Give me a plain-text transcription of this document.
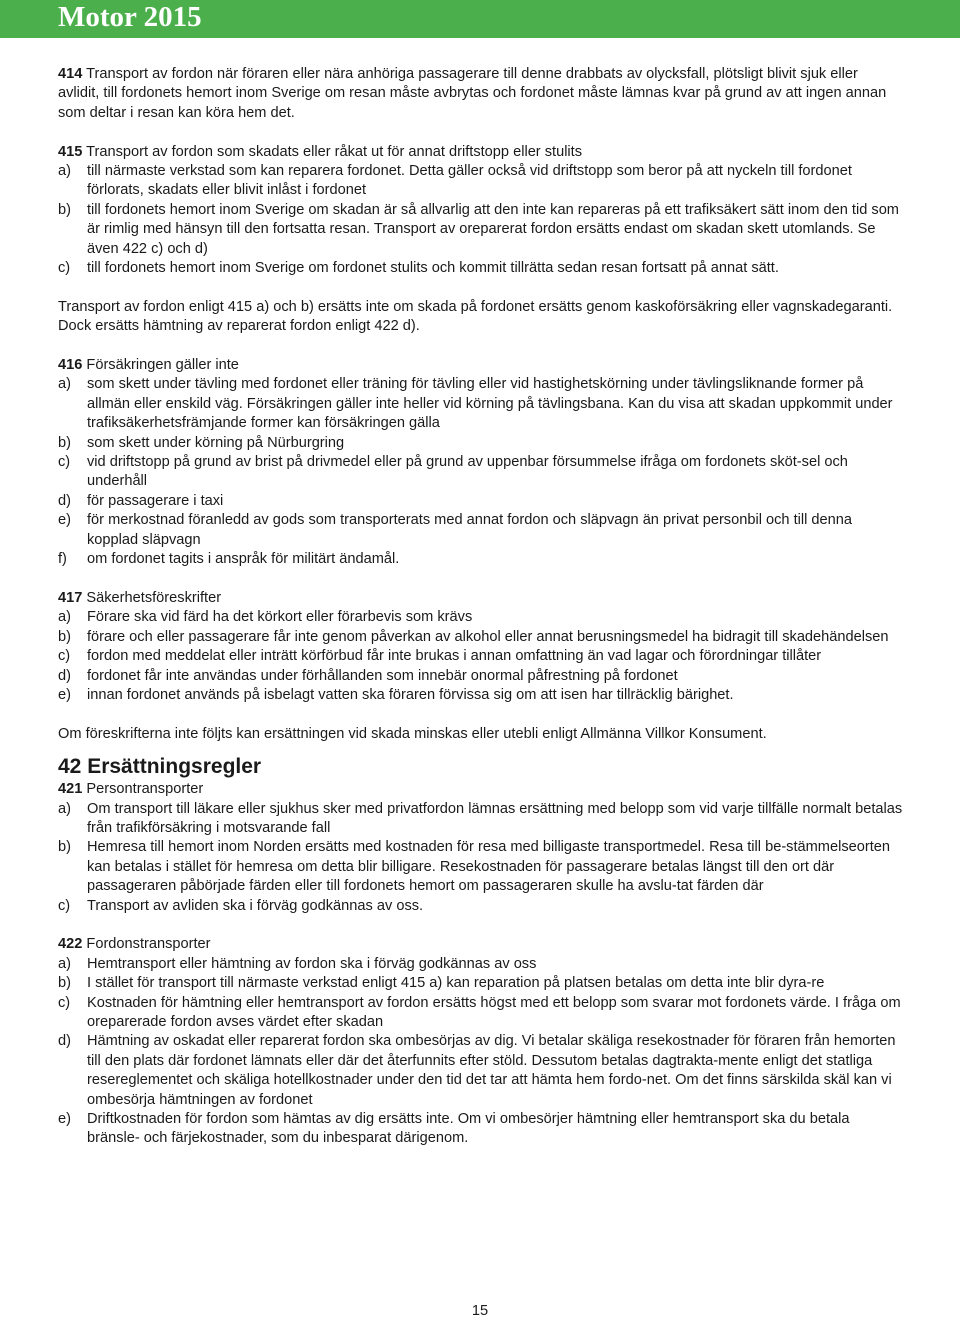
Motor 2015

414 Transport av fordon när föraren eller nära anhöriga passagerare till denne drabbats av olycksfall, plötsligt blivit sjuk eller avlidit, till fordonets hemort inom Sverige om resan måste avbrytas och fordonet måste lämnas kvar på grund av att ingen annan som deltar i resan kan köra hem det.

415 Transport av fordon som skadats eller råkat ut för annat driftstopp eller stulits

a)	till närmaste verkstad som kan reparera fordonet. Detta gäller också vid driftstopp som beror på att nyckeln till fordonet förlorats, skadats eller blivit inlåst i fordonet
b)	till fordonets hemort inom Sverige om skadan är så allvarlig att den inte kan repareras på ett trafiksäkert sätt inom den tid som är rimlig med hänsyn till den fortsatta resan. Transport av oreparerat fordon ersätts endast om skadan skett utomlands. Se även 422 c) och d)
c)	till fordonets hemort inom Sverige om fordonet stulits och kommit tillrätta sedan resan fortsatt på annat sätt.

Transport av fordon enligt 415 a) och b) ersätts inte om skada på fordonet ersätts genom kaskoförsäkring eller vagnskadegaranti. Dock ersätts hämtning av reparerat fordon enligt 422 d).

416 Försäkringen gäller inte

a)	som skett under tävling med fordonet eller träning för tävling eller vid hastighetskörning under tävlingsliknande former på allmän eller enskild väg. Försäkringen gäller inte heller vid körning på tävlingsbana. Kan du visa att skadan uppkommit under trafiksäkerhetsfrämjande former kan försäkringen gälla
b)	som skett under körning på Nürburgring
c)	vid driftstopp på grund av brist på drivmedel eller på grund av uppenbar försummelse ifråga om fordonets sköt-sel och underhåll
d)	för passagerare i taxi
e)	för merkostnad föranledd av gods som transporterats med annat fordon och släpvagn än privat personbil och till denna kopplad släpvagn
f)	om fordonet tagits i anspråk för militärt ändamål.

417 Säkerhetsföreskrifter

a)	Förare ska vid färd ha det körkort eller förarbevis som krävs
b)	förare och eller passagerare får inte genom påverkan av alkohol eller annat berusningsmedel ha bidragit till skadehändelsen
c)	fordon med meddelat eller inträtt körförbud får inte brukas i annan omfattning än vad lagar och förordningar tillåter
d)	fordonet får inte användas under förhållanden som innebär onormal påfrestning på fordonet
e)	innan fordonet används på isbelagt vatten ska föraren förvissa sig om att isen har tillräcklig bärighet.

Om föreskrifterna inte följts kan ersättningen vid skada minskas eller utebli enligt Allmänna Villkor Konsument.

42 Ersättningsregler

421 Persontransporter

a)	Om transport till läkare eller sjukhus sker med privatfordon lämnas ersättning med belopp som vid varje tillfälle normalt betalas från trafikförsäkring i motsvarande fall
b)	Hemresa till hemort inom Norden ersätts med kostnaden för resa med billigaste transportmedel. Resa till be-stämmelseorten kan betalas i stället för hemresa om detta blir billigare. Resekostnaden för passagerare betalas längst till den ort där passageraren påbörjade färden eller till fordonets hemort om passageraren skulle ha avslu-tat färden där
c)	Transport av avliden ska i förväg godkännas av oss.

422 Fordonstransporter

a)	Hemtransport eller hämtning av fordon ska i förväg godkännas av oss
b)	I stället för transport till närmaste verkstad enligt 415 a) kan reparation på platsen betalas om detta inte blir dyra-re
c)	Kostnaden för hämtning eller hemtransport av fordon ersätts högst med ett belopp som svarar mot fordonets värde. I fråga om oreparerade fordon avses värdet efter skadan
d)	Hämtning av oskadat eller reparerat fordon ska ombesörjas av dig. Vi betalar skäliga resekostnader för föraren från hemorten till den plats där fordonet lämnats eller där det återfunnits efter stöld. Dessutom betalas dagtrakta-mente enligt det statliga resereglementet och skäliga hotellkostnader under den tid det tar att hämta hem fordo-net. Om det finns särskilda skäl kan vi ombesörja hämtningen av fordonet
e)	Driftkostnaden för fordon som hämtas av dig ersätts inte. Om vi ombesörjer hämtning eller hemtransport ska du betala bränsle- och färjekostnader, som du inbesparat därigenom.
15
